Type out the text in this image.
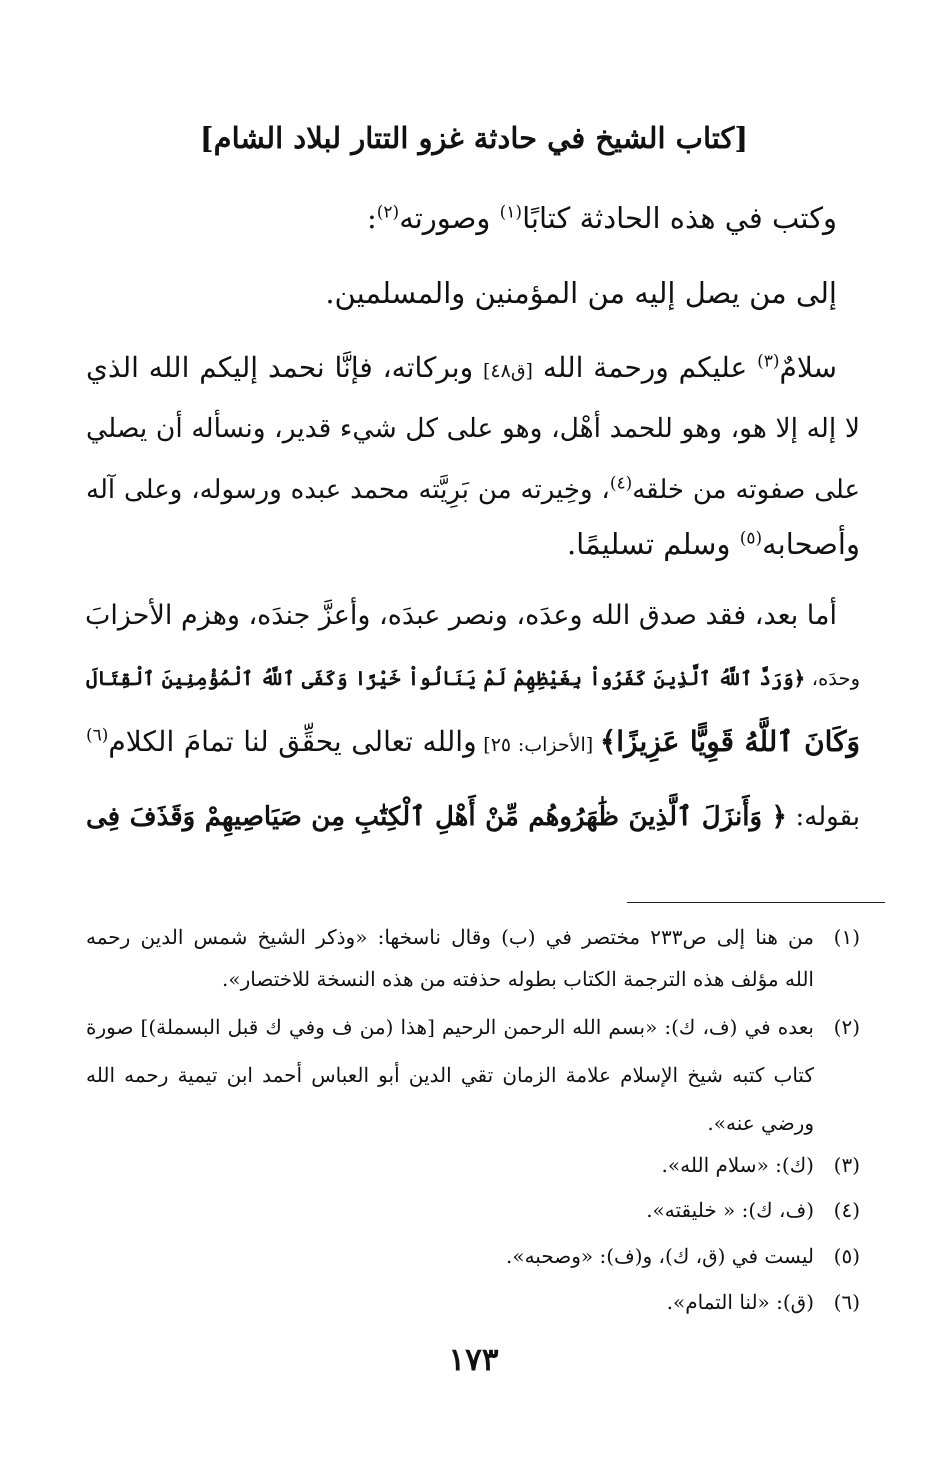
[كتاب الشيخ في حادثة غزو التتار لبلاد الشام]
وكتب في هذه الحادثة كتابًا$^{(١)}$ وصورته$^{(٢)}$:
إلى من يصل إليه من المؤمنين والمسلمين.
سلامٌ$^{(٣)}$ عليكم ورحمة الله [ق٤٨] وبركاته، فإنَّا نحمد إليكم الله الذي
لا إله إلا هو، وهو للحمد أهْل، وهو على كل شيء قدير، ونسأله أن يصلي
على صفوته من خلقه$^{(٤)}$، وخِيرته من بَرِيَّته محمد عبده ورسوله، وعلى آله
وأصحابه$^{(٥)}$ وسلم تسليمًا.
أما بعد، فقد صدق الله وعدَه، ونصر عبدَه، وأعزَّ جندَه، وهزم الأحزابَ
وحدَه، ﴿وَرَدَّ ٱللَّهُ ٱلَّذِينَ كَفَرُواْ بِغَيْظِهِمْ لَمْ يَنَالُواْ خَيْرًا وَكَفَى ٱللَّهُ ٱلْمُؤْمِنِينَ ٱلْقِتَالَ
وَكَانَ ٱللَّهُ قَوِيًّا عَزِيزًا﴾ [الأحزاب: ٢٥] والله تعالى يحقِّق لنا تمامَ الكلام$^{(٦)}$
بقوله: ﴿ وَأَنزَلَ ٱلَّذِينَ ظَٰهَرُوهُم مِّنْ أَهْلِ ٱلْكِتَٰبِ مِن صَيَاصِيهِمْ وَقَذَفَ فِى
(١)من هنا إلى ص٢٣٣ مختصر في (ب) وقال ناسخها: «وذكر الشيخ شمس الدين رحمه
الله مؤلف هذه الترجمة الكتاب بطوله حذفته من هذه النسخة للاختصار».
(٢)بعده في (ف، ك): «بسم الله الرحمن الرحيم [هذا (من ف وفي ك قبل البسملة)] صورة
كتاب كتبه شيخ الإسلام علامة الزمان تقي الدين أبو العباس أحمد ابن تيمية رحمه الله
ورضي عنه».
(٣)(ك): «سلام الله».
(٤)(ف، ك): « خليقته».
(٥)ليست في (ق، ك)، و(ف): «وصحبه».
(٦)(ق): «لنا التمام».
١٧٣
